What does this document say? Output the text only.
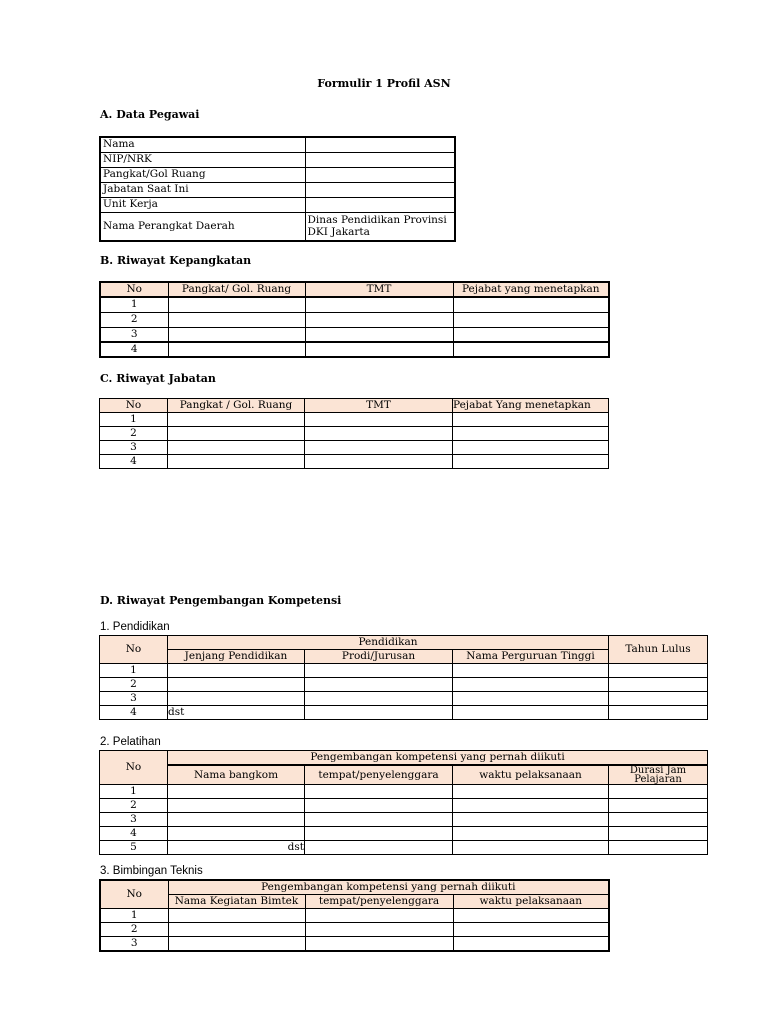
Formulir 1 Profil ASN
A. Data Pegawai
Nama	
NIP/NRK	
Pangkat/Gol Ruang	
Jabatan Saat Ini	
Unit Kerja	
Nama Perangkat Daerah	Dinas Pendidikan Provinsi DKI Jakarta
B. Riwayat Kepangkatan
No	Pangkat/ Gol. Ruang	TMT	Pejabat yang menetapkan
1			
2			
3			
4			
C. Riwayat Jabatan
No	Pangkat / Gol. Ruang	TMT	Pejabat Yang menetapkan
1			
2			
3			
4			
D. Riwayat Pengembangan Kompetensi
1. Pendidikan
No	Pendidikan			Tahun Lulus
	Jenjang Pendidikan	Prodi/Jurusan	Nama Perguruan Tinggi	
1				
2				
3				
4	dst			
2. Pelatihan
No	Pengembangan kompetensi yang pernah diikuti			
	Nama bangkom	tempat/penyelenggara	waktu pelaksanaan	Durasi Jam Pelajaran
1				
2				
3				
4				
5	dst			
3. Bimbingan Teknis
No	Pengembangan kompetensi yang pernah diikuti		
	Nama Kegiatan Bimtek	tempat/penyelenggara	waktu pelaksanaan
1			
2			
3			
